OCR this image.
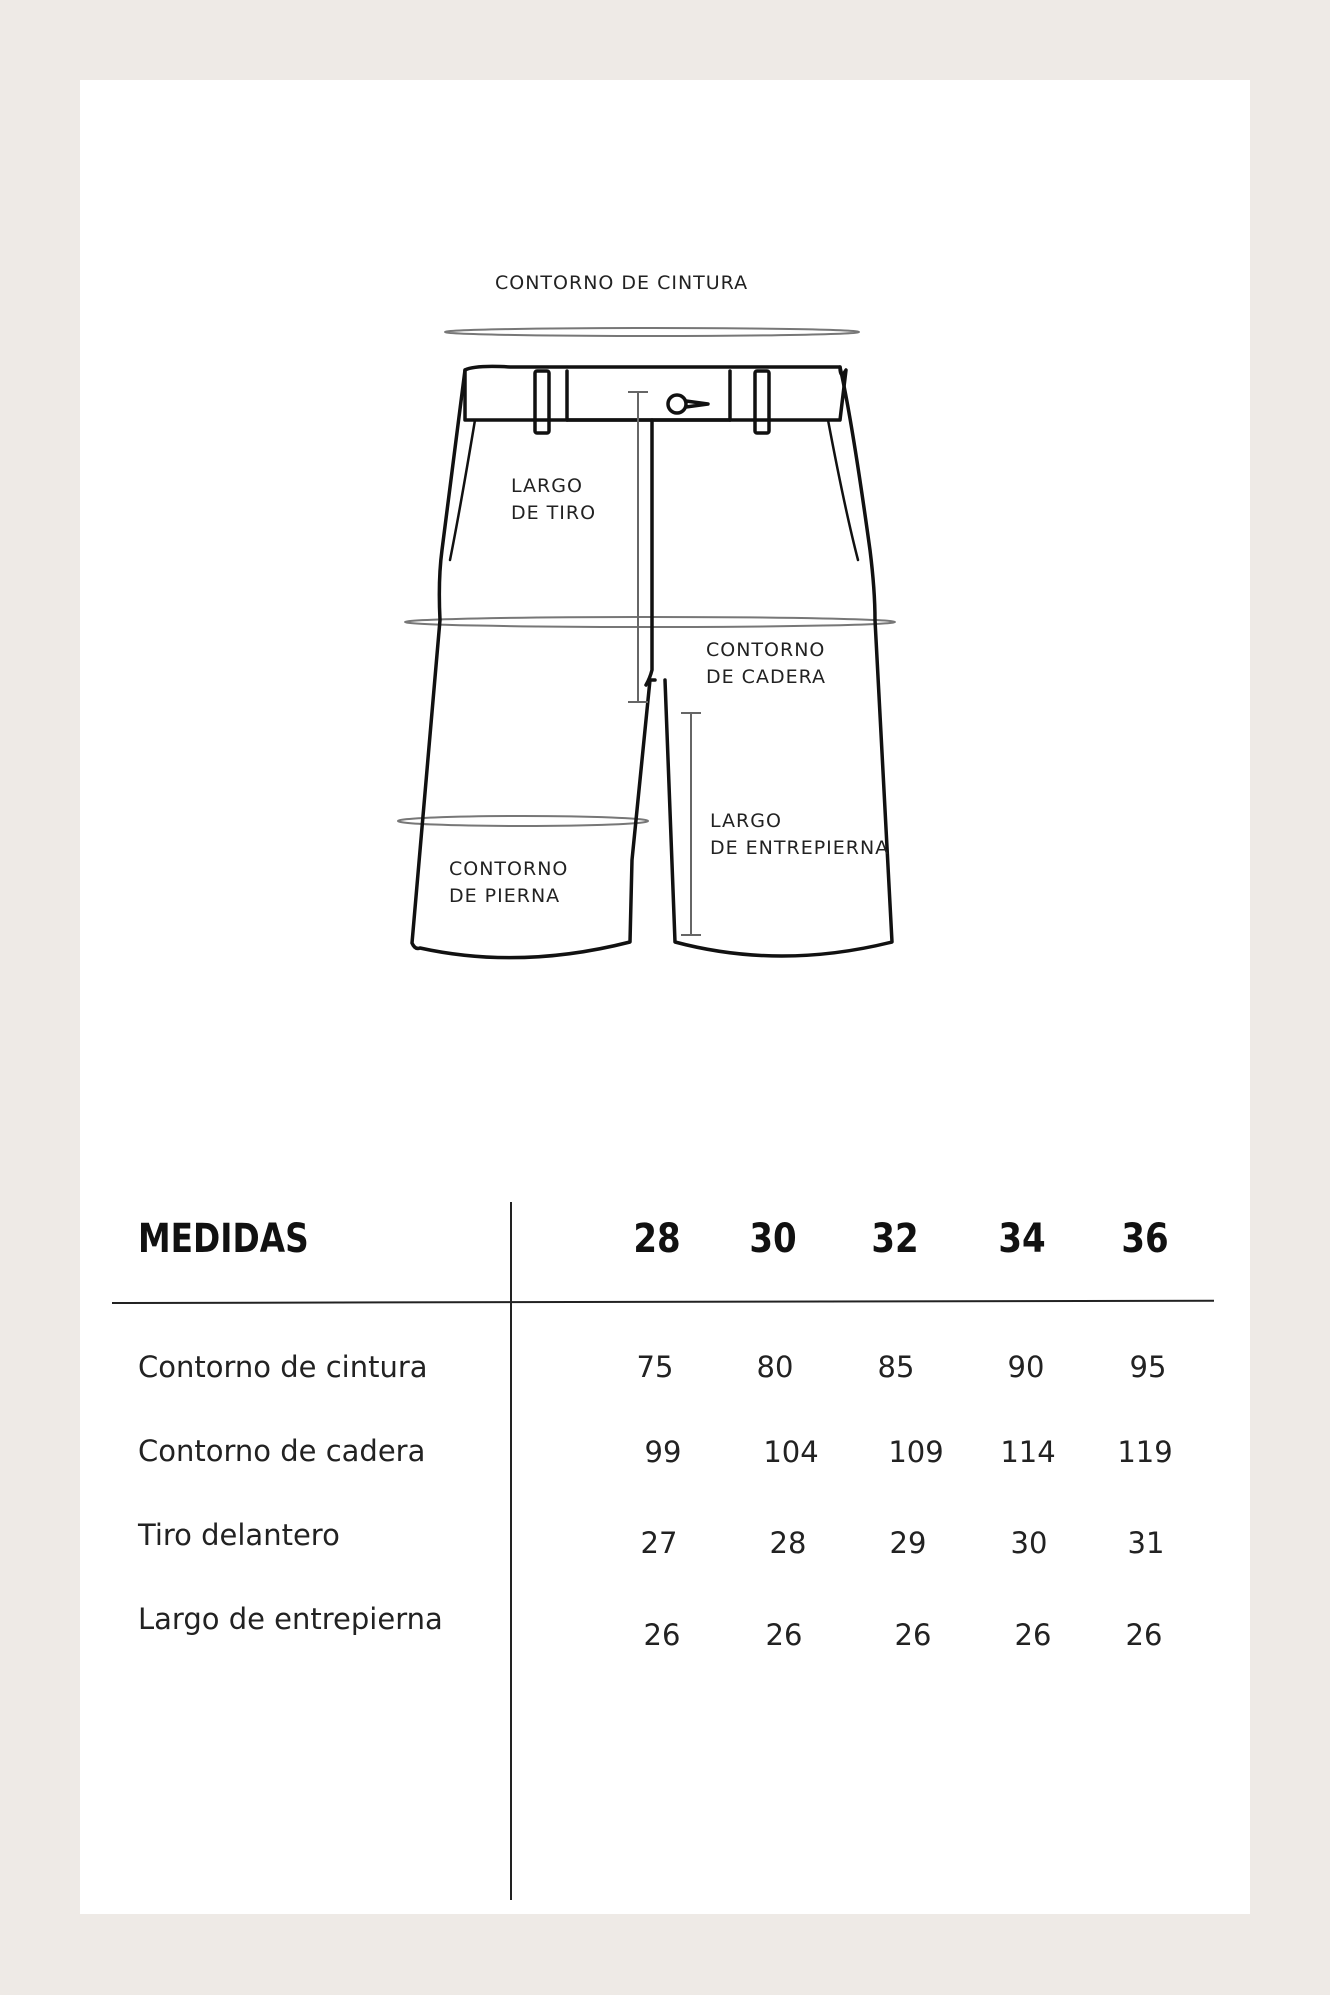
CONTORNO DE CINTURA
LARGO
DE TIRO
CONTORNO
DE CADERA
LARGO
DE ENTREPIERNA
CONTORNO
DE PIERNA
MEDIDAS	28 30 32 34 36
Contorno de cintura	75	80	85	90	95
Contorno de cadera	99	104	109	114	119
Tiro delantero	27	28	29	30	31
Largo de entrepierna	26	26	26	26	26
